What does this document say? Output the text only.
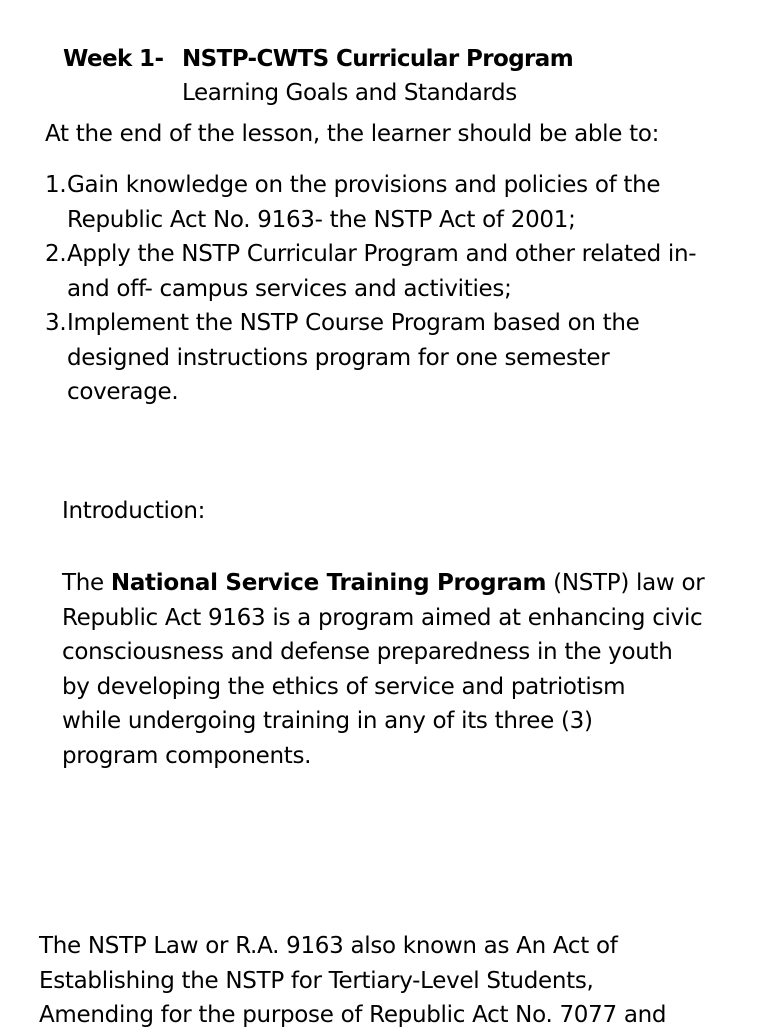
Week 1- NSTP-CWTS Curricular Program
Learning Goals and Standards
At the end of the lesson, the learner should be able to:
1. Gain knowledge on the provisions and policies of the
Republic Act No. 9163- the NSTP Act of 2001;
2. Apply the NSTP Curricular Program and other related in-
and off- campus services and activities;
3. Implement the NSTP Course Program based on the
designed instructions program for one semester
coverage.
Introduction:
The National Service Training Program (NSTP) law or
Republic Act 9163 is a program aimed at enhancing civic
consciousness and defense preparedness in the youth
by developing the ethics of service and patriotism
while undergoing training in any of its three (3)
program components.
The NSTP Law or R.A. 9163 also known as An Act of
Establishing the NSTP for Tertiary-Level Students,
Amending for the purpose of Republic Act No. 7077 and
